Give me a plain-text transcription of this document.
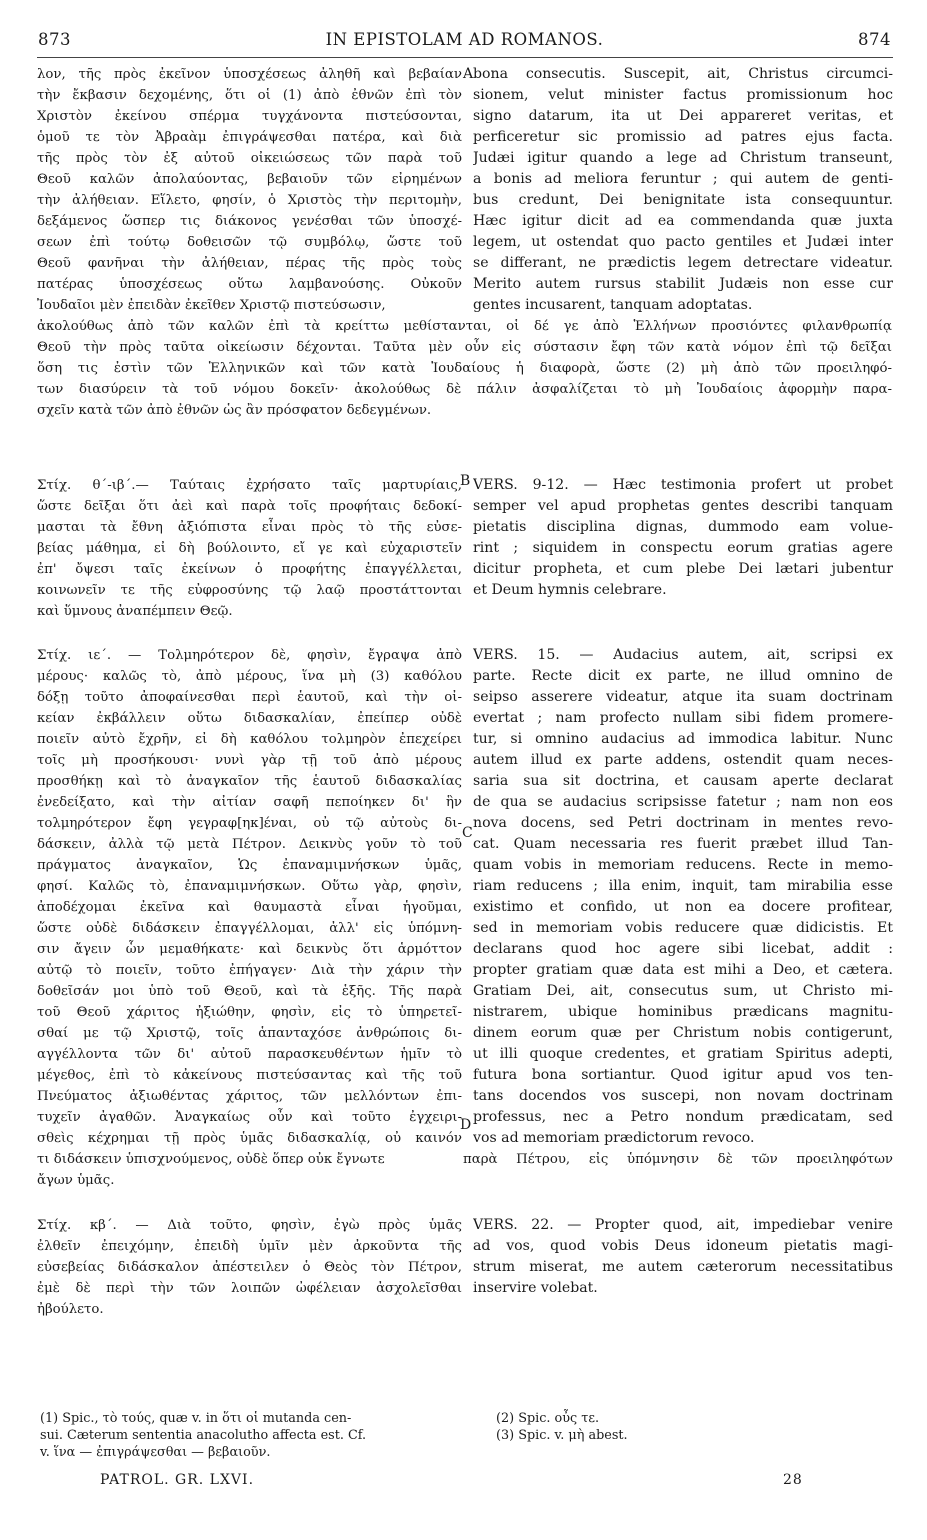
873	IN EPISTOLAM AD ROMANOS.	874
λον, τῆς πρὸς ἐκεῖνον ὑποσχέσεως ἀληθῆ καὶ βεβαίαν
τὴν ἔκβασιν δεχομένης, ὅτι οἱ (1) ἀπὸ ἐθνῶν ἐπὶ τὸν
Χριστὸν ἐκείνου σπέρμα τυγχάνοντα πιστεύσονται,
ὁμοῦ τε τὸν Ἀβραὰμ ἐπιγράψεσθαι πατέρα, καὶ διὰ
τῆς πρὸς τὸν ἐξ αὐτοῦ οἰκειώσεως τῶν παρὰ τοῦ
Θεοῦ καλῶν ἀπολαύοντας, βεβαιοῦν τῶν εἰρημένων
τὴν ἀλήθειαν. Εἵλετο, φησίν, ὁ Χριστὸς τὴν περιτομὴν,
δεξάμενος ὥσπερ τις διάκονος γενέσθαι τῶν ὑποσχέ-
σεων ἐπὶ τούτῳ δοθεισῶν τῷ συμβόλῳ, ὥστε τοῦ
Θεοῦ φανῆναι τὴν ἀλήθειαν, πέρας τῆς πρὸς τοὺς
πατέρας ὑποσχέσεως οὕτω λαμβανούσης. Οὐκοῦν
Ἰουδαῖοι μὲν ἐπειδὰν ἐκεῖθεν Χριστῷ πιστεύσωσιν,
bona consecutis. Suscepit, ait, Christus circumci-
sionem, velut minister factus promissionum hoc
signo datarum, ita ut Dei appareret veritas, et
perficeretur sic promissio ad patres ejus facta.
Judæi igitur quando a lege ad Christum transeunt,
a bonis ad meliora feruntur ; qui autem de genti-
bus credunt, Dei benignitate ista consequuntur.
Hæc igitur dicit ad ea commendanda quæ juxta
legem, ut ostendat quo pacto gentiles et Judæi inter
se differant, ne prædictis legem detrectare videatur.
Merito autem rursus stabilit Judæis non esse cur
gentes incusarent, tanquam adoptatas.
ἀκολούθως ἀπὸ τῶν καλῶν ἐπὶ τὰ κρείττω μεθίστανται, οἱ δέ γε ἀπὸ Ἑλλήνων προσιόντες φιλανθρωπίᾳ
Θεοῦ τὴν πρὸς ταῦτα οἰκείωσιν δέχονται. Ταῦτα μὲν οὖν εἰς σύστασιν ἔφη τῶν κατὰ νόμον ἐπὶ τῷ δεῖξαι
ὅση τις ἐστὶν τῶν Ἑλληνικῶν καὶ τῶν κατὰ Ἰουδαίους ἡ διαφορὰ, ὥστε (2) μὴ ἀπὸ τῶν προειληφό-
των διασύρειν τὰ τοῦ νόμου δοκεῖν· ἀκολούθως δὲ πάλιν ἀσφαλίζεται τὸ μὴ Ἰουδαίοις ἀφορμὴν παρα-
σχεῖν κατὰ τῶν ἀπὸ ἐθνῶν ὡς ἂν πρόσφατον δεδεγμένων.
A
Στίχ. θ΄-ιβ΄.— Ταύταις ἐχρήσατο ταῖς μαρτυρίαις,
ὥστε δεῖξαι ὅτι ἀεὶ καὶ παρὰ τοῖς προφήταις δεδοκί-
μασται τὰ ἔθνη ἀξιόπιστα εἶναι πρὸς τὸ τῆς εὐσε-
βείας μάθημα, εἰ δὴ βούλοιντο, εἴ γε καὶ εὐχαριστεῖν
ἐπ' ὄψεσι ταῖς ἐκείνων ὁ προφήτης ἐπαγγέλλεται,
κοινωνεῖν τε τῆς εὐφροσύνης τῷ λαῷ προστάττονται
καὶ ὕμνους ἀναπέμπειν Θεῷ.
VERS. 9-12. — Hæc testimonia profert ut probet
semper vel apud prophetas gentes describi tanquam
pietatis disciplina dignas, dummodo eam volue-
rint ; siquidem in conspectu eorum gratias agere
dicitur propheta, et cum plebe Dei lætari jubentur
et Deum hymnis celebrare.
B
Στίχ. ιε΄. — Τολμηρότερον δὲ, φησὶν, ἔγραψα ἀπὸ
μέρους· καλῶς τὸ, ἀπὸ μέρους, ἵνα μὴ (3) καθόλου
δόξῃ τοῦτο ἀποφαίνεσθαι περὶ ἑαυτοῦ, καὶ τὴν οἰ-
κείαν ἐκβάλλειν οὕτω διδασκαλίαν, ἐπείπερ οὐδὲ
ποιεῖν αὐτὸ ἔχρῆν, εἰ δὴ καθόλου τολμηρὸν ἐπεχείρει
τοῖς μὴ προσήκουσι· νυνὶ γὰρ τῇ τοῦ ἀπὸ μέρους
προσθήκῃ καὶ τὸ ἀναγκαῖον τῆς ἑαυτοῦ διδασκαλίας
ἐνεδείξατο, καὶ τὴν αἰτίαν σαφῆ πεποίηκεν δι' ἣν
τολμηρότερον ἔφη γεγραφ[ηκ]έναι, οὐ τῷ αὐτοὺς δι-
δάσκειν, ἀλλὰ τῷ μετὰ Πέτρον. Δεικνὺς γοῦν τὸ τοῦ
πράγματος ἀναγκαῖον, Ὡς ἐπαναμιμνήσκων ὑμᾶς,
φησί. Καλῶς τὸ, ἐπαναμιμνήσκων. Οὕτω γὰρ, φησὶν,
ἀποδέχομαι ἐκεῖνα καὶ θαυμαστὰ εἶναι ἡγοῦμαι,
ὥστε οὐδὲ διδάσκειν ἐπαγγέλλομαι, ἀλλ' εἰς ὑπόμνη-
σιν ἄγειν ὧν μεμαθήκατε· καὶ δεικνὺς ὅτι ἁρμόττον
αὐτῷ τὸ ποιεῖν, τοῦτο ἐπήγαγεν· Διὰ τὴν χάριν τὴν
δοθεῖσάν μοι ὑπὸ τοῦ Θεοῦ, καὶ τὰ ἑξῆς. Τῆς παρὰ
τοῦ Θεοῦ χάριτος ἠξιώθην, φησὶν, εἰς τὸ ὑπηρετεῖ-
σθαί με τῷ Χριστῷ, τοῖς ἁπανταχόσε ἀνθρώποις δι-
αγγέλλοντα τῶν δι' αὐτοῦ παρασκευθέντων ἡμῖν τὸ
μέγεθος, ἐπὶ τὸ κἀκείνους πιστεύσαντας καὶ τῆς τοῦ
Πνεύματος ἀξιωθέντας χάριτος, τῶν μελλόντων ἐπι-
τυχεῖν ἀγαθῶν. Ἀναγκαίως οὖν καὶ τοῦτο ἐγχειρι-
σθεὶς κέχρημαι τῇ πρὸς ὑμᾶς διδασκαλίᾳ, οὐ καινόν
τι διδάσκειν ὑπισχνούμενος, οὐδὲ ὅπερ οὐκ ἔγνωτε
VERS. 15. — Audacius autem, ait, scripsi ex
parte. Recte dicit ex parte, ne illud omnino de
seipso asserere videatur, atque ita suam doctrinam
evertat ; nam profecto nullam sibi fidem promere-
tur, si omnino audacius ad immodica labitur. Nunc
autem illud ex parte addens, ostendit quam neces-
saria sua sit doctrina, et causam aperte declarat
de qua se audacius scripsisse fatetur ; nam non eos
nova docens, sed Petri doctrinam in mentes revo-
cat. Quam necessaria res fuerit præbet illud Tan-
quam vobis in memoriam reducens. Recte in memo-
riam reducens ; illa enim, inquit, tam mirabilia esse
existimo et confido, ut non ea docere profitear,
sed in memoriam vobis reducere quæ didicistis. Et
declarans quod hoc agere sibi licebat, addit :
propter gratiam quæ data est mihi a Deo, et cætera.
Gratiam Dei, ait, consecutus sum, ut Christo mi-
nistrarem, ubique hominibus prædicans magnitu-
dinem eorum quæ per Christum nobis contigerunt,
ut illi quoque credentes, et gratiam Spiritus adepti,
futura bona sortiantur. Quod igitur apud vos ten-
tans docendos vos suscepi, non novam doctrinam
professus, nec a Petro nondum prædicatam, sed
vos ad memoriam prædictorum revoco.
παρὰ Πέτρου, εἰς ὑπόμνησιν δὲ τῶν προειληφότων
ἄγων ὑμᾶς.
C
D
Στίχ. κβ΄. — Διὰ τοῦτο, φησὶν, ἐγὼ πρὸς ὑμᾶς
ἐλθεῖν ἐπειχόμην, ἐπειδὴ ὑμῖν μὲν ἀρκοῦντα τῆς
εὐσεβείας διδάσκαλον ἀπέστειλεν ὁ Θεὸς τὸν Πέτρον,
ἐμὲ δὲ περὶ τὴν τῶν λοιπῶν ὠφέλειαν ἀσχολεῖσθαι
ἠβούλετο.
VERS. 22. — Propter quod, ait, impediebar venire
ad vos, quod vobis Deus idoneum pietatis magi-
strum miserat, me autem cæterorum necessitatibus
inservire volebat.
(1) Spic., τὸ τούς, quæ v. in ὅτι οἱ mutanda cen-
sui. Cæterum sententia anacolutho affecta est. Cf.
v. ἵνα — ἐπιγράψεσθαι — βεβαιοῦν.
(2) Spic. οὖς τε.
(3) Spic. v. μὴ abest.
PATROL. GR. LXVI.	28
